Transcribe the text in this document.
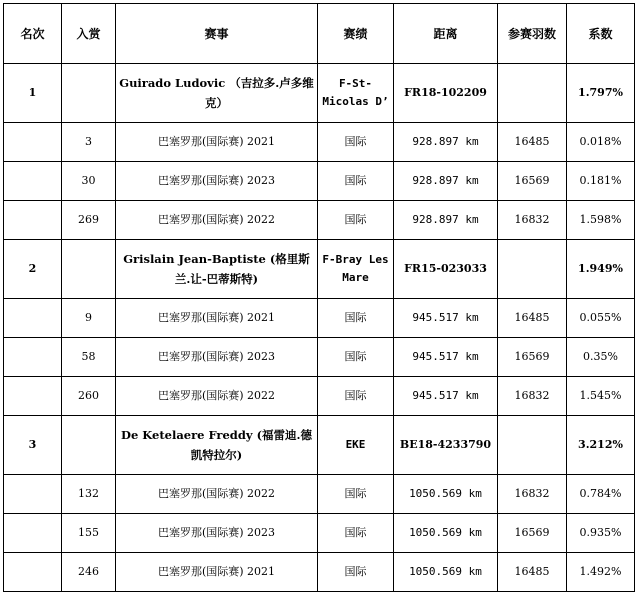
名次	入赏	赛事	赛绩	距离	参赛羽数	系数
1		Guirado Ludovic （吉拉多.卢多维克）	F-St-Micolas D’	FR18-102209		1.797%
	3	巴塞罗那(国际赛) 2021	国际	928.897 km	16485	0.018%
	30	巴塞罗那(国际赛) 2023	国际	928.897 km	16569	0.181%
	269	巴塞罗那(国际赛) 2022	国际	928.897 km	16832	1.598%
2		Grislain Jean-Baptiste (格里斯兰.让-巴蒂斯特)	F-Bray Les Mare	FR15-023033		1.949%
	9	巴塞罗那(国际赛) 2021	国际	945.517 km	16485	0.055%
	58	巴塞罗那(国际赛) 2023	国际	945.517 km	16569	0.35%
	260	巴塞罗那(国际赛) 2022	国际	945.517 km	16832	1.545%
3		De Ketelaere Freddy (福雷迪.德凯特拉尔)	EKE	BE18-4233790		3.212%
	132	巴塞罗那(国际赛) 2022	国际	1050.569 km	16832	0.784%
	155	巴塞罗那(国际赛) 2023	国际	1050.569 km	16569	0.935%
	246	巴塞罗那(国际赛) 2021	国际	1050.569 km	16485	1.492%
